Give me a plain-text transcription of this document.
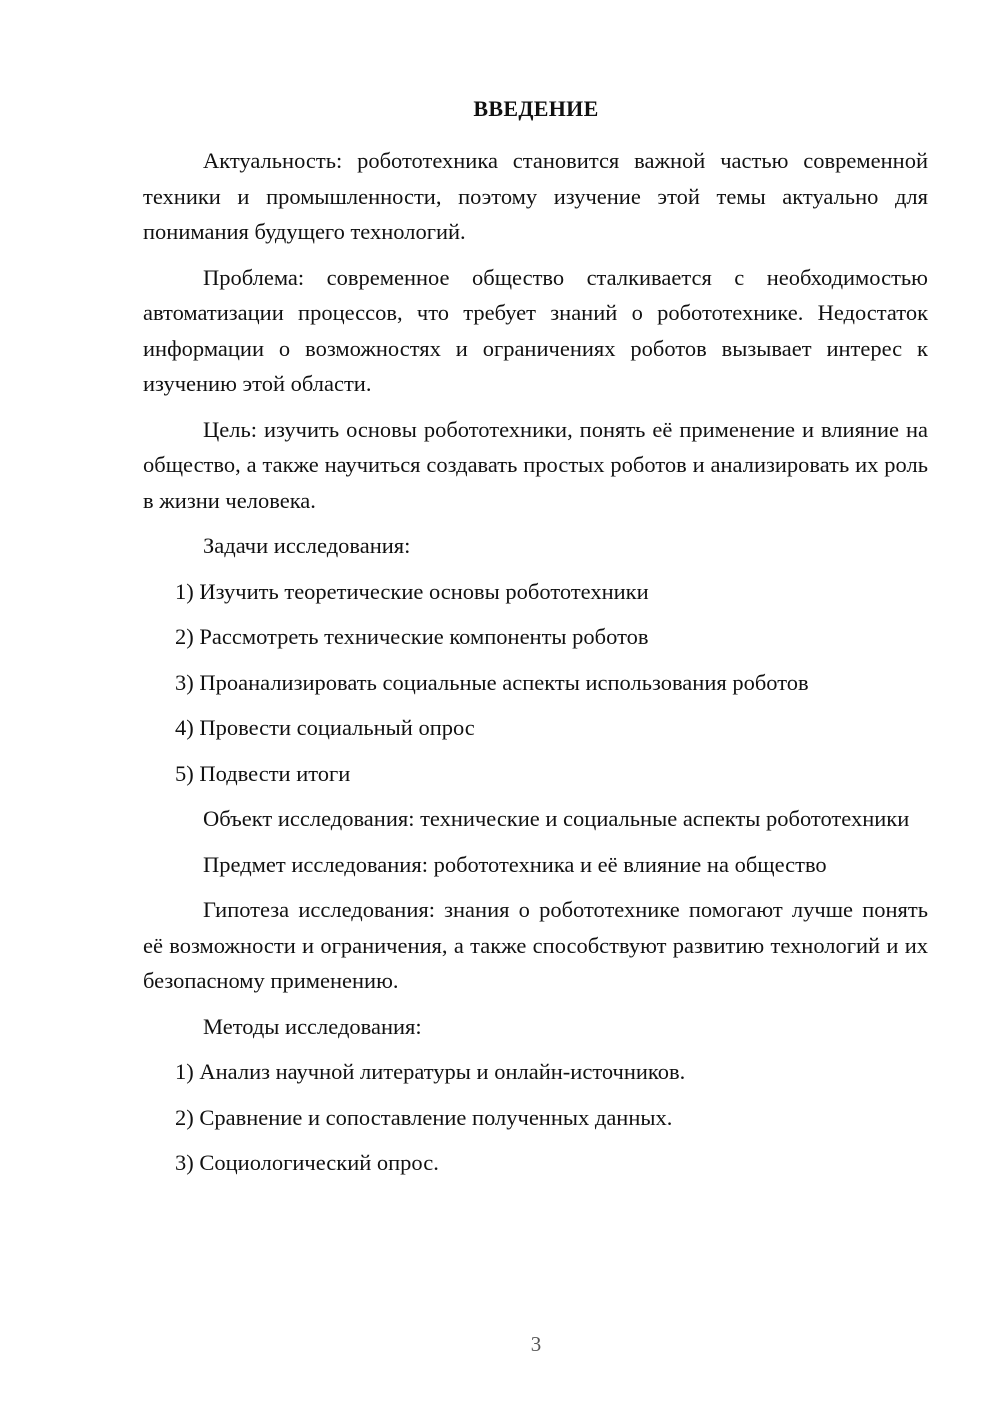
ВВЕДЕНИЕ

Актуальность: робототехника становится важной частью современной техники и промышленности, поэтому изучение этой темы актуально для понимания будущего технологий.

Проблема: современное общество сталкивается с необходимостью автоматизации процессов, что требует знаний о робототехнике. Недостаток информации о возможностях и ограничениях роботов вызывает интерес к изучению этой области.

Цель: изучить основы робототехники, понять её применение и влияние на общество, а также научиться создавать простых роботов и анализировать их роль в жизни человека.

Задачи исследования:

1) Изучить теоретические основы робототехники
2) Рассмотреть технические компоненты роботов
3) Проанализировать социальные аспекты использования роботов
4) Провести социальный опрос
5) Подвести итоги

Объект исследования: технические и социальные аспекты робототехники

Предмет исследования: робототехника и её влияние на общество

Гипотеза исследования: знания о робототехнике помогают лучше понять её возможности и ограничения, а также способствуют развитию технологий и их безопасному применению.

Методы исследования:

1) Анализ научной литературы и онлайн-источников.
2) Сравнение и сопоставление полученных данных.
3) Социологический опрос.
3
